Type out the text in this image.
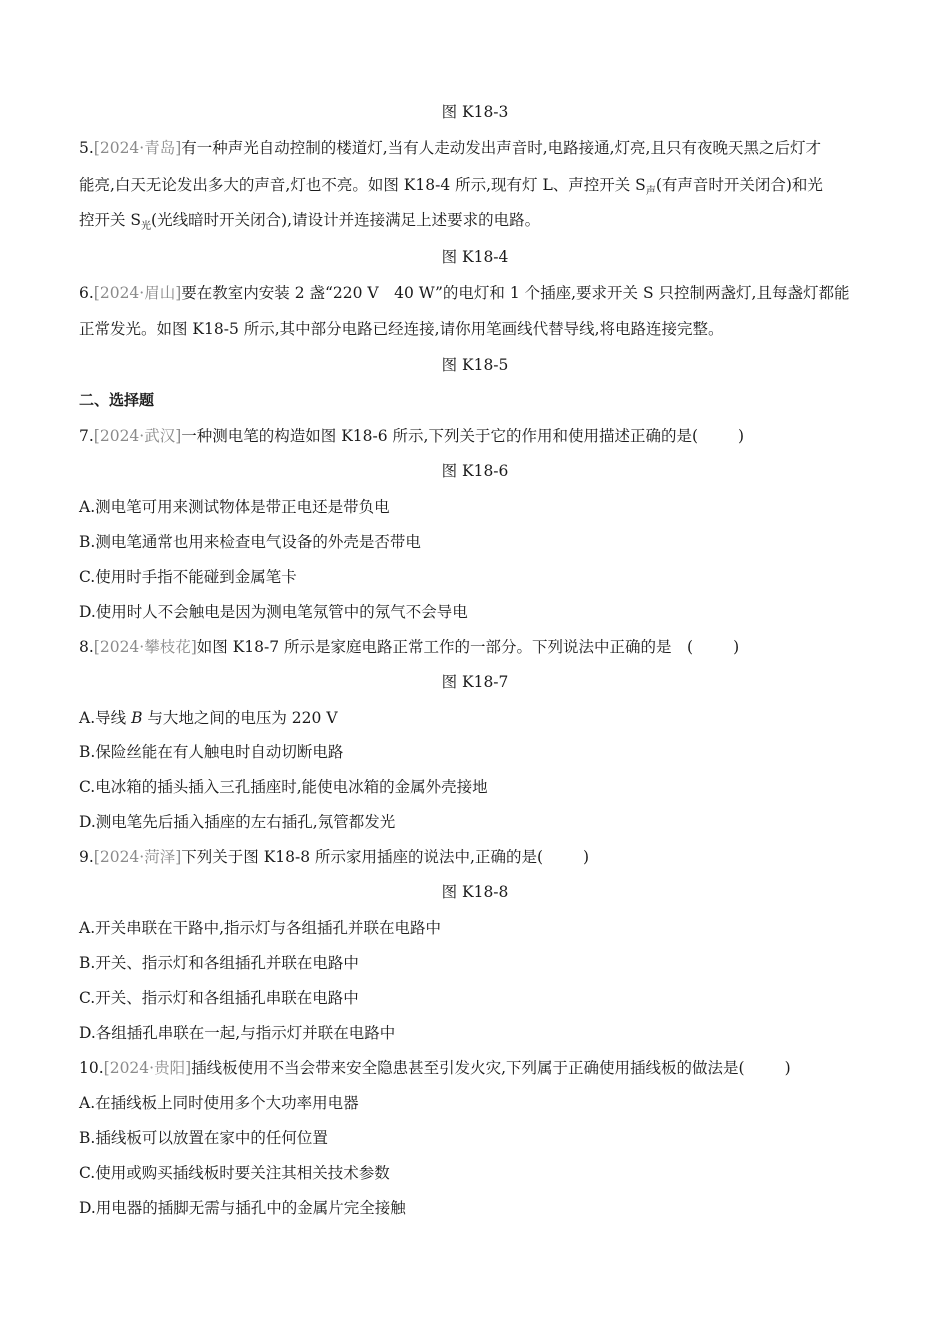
图 K18-3
5.[2024·青岛]有一种声光自动控制的楼道灯,当有人走动发出声音时,电路接通,灯亮,且只有夜晚天黑之后灯才
能亮,白天无论发出多大的声音,灯也不亮。如图 K18-4 所示,现有灯 L、声控开关 $S_声$(有声音时开关闭合)和光
控开关 $S_光$(光线暗时开关闭合),请设计并连接满足上述要求的电路。
图 K18-4
6.[2024·眉山]要在教室内安装 2 盏“220 V　40 W”的电灯和 1 个插座,要求开关 S 只控制两盏灯,且每盏灯都能
正常发光。如图 K18-5 所示,其中部分电路已经连接,请你用笔画线代替导线,将电路连接完整。
图 K18-5
二、选择题
7.[2024·武汉]一种测电笔的构造如图 K18-6 所示,下列关于它的作用和使用描述正确的是(	)
图 K18-6
A.测电笔可用来测试物体是带正电还是带负电
B.测电笔通常也用来检查电气设备的外壳是否带电
C.使用时手指不能碰到金属笔卡
D.使用时人不会触电是因为测电笔氖管中的氖气不会导电
8.[2024·攀枝花]如图 K18-7 所示是家庭电路正常工作的一部分。下列说法中正确的是　(	)
图 K18-7
A.导线 B 与大地之间的电压为 220 V
B.保险丝能在有人触电时自动切断电路
C.电冰箱的插头插入三孔插座时,能使电冰箱的金属外壳接地
D.测电笔先后插入插座的左右插孔,氖管都发光
9.[2024·菏泽]下列关于图 K18-8 所示家用插座的说法中,正确的是(	)
图 K18-8
A.开关串联在干路中,指示灯与各组插孔并联在电路中
B.开关、指示灯和各组插孔并联在电路中
C.开关、指示灯和各组插孔串联在电路中
D.各组插孔串联在一起,与指示灯并联在电路中
10.[2024·贵阳]插线板使用不当会带来安全隐患甚至引发火灾,下列属于正确使用插线板的做法是(	)
A.在插线板上同时使用多个大功率用电器
B.插线板可以放置在家中的任何位置
C.使用或购买插线板时要关注其相关技术参数
D.用电器的插脚无需与插孔中的金属片完全接触
